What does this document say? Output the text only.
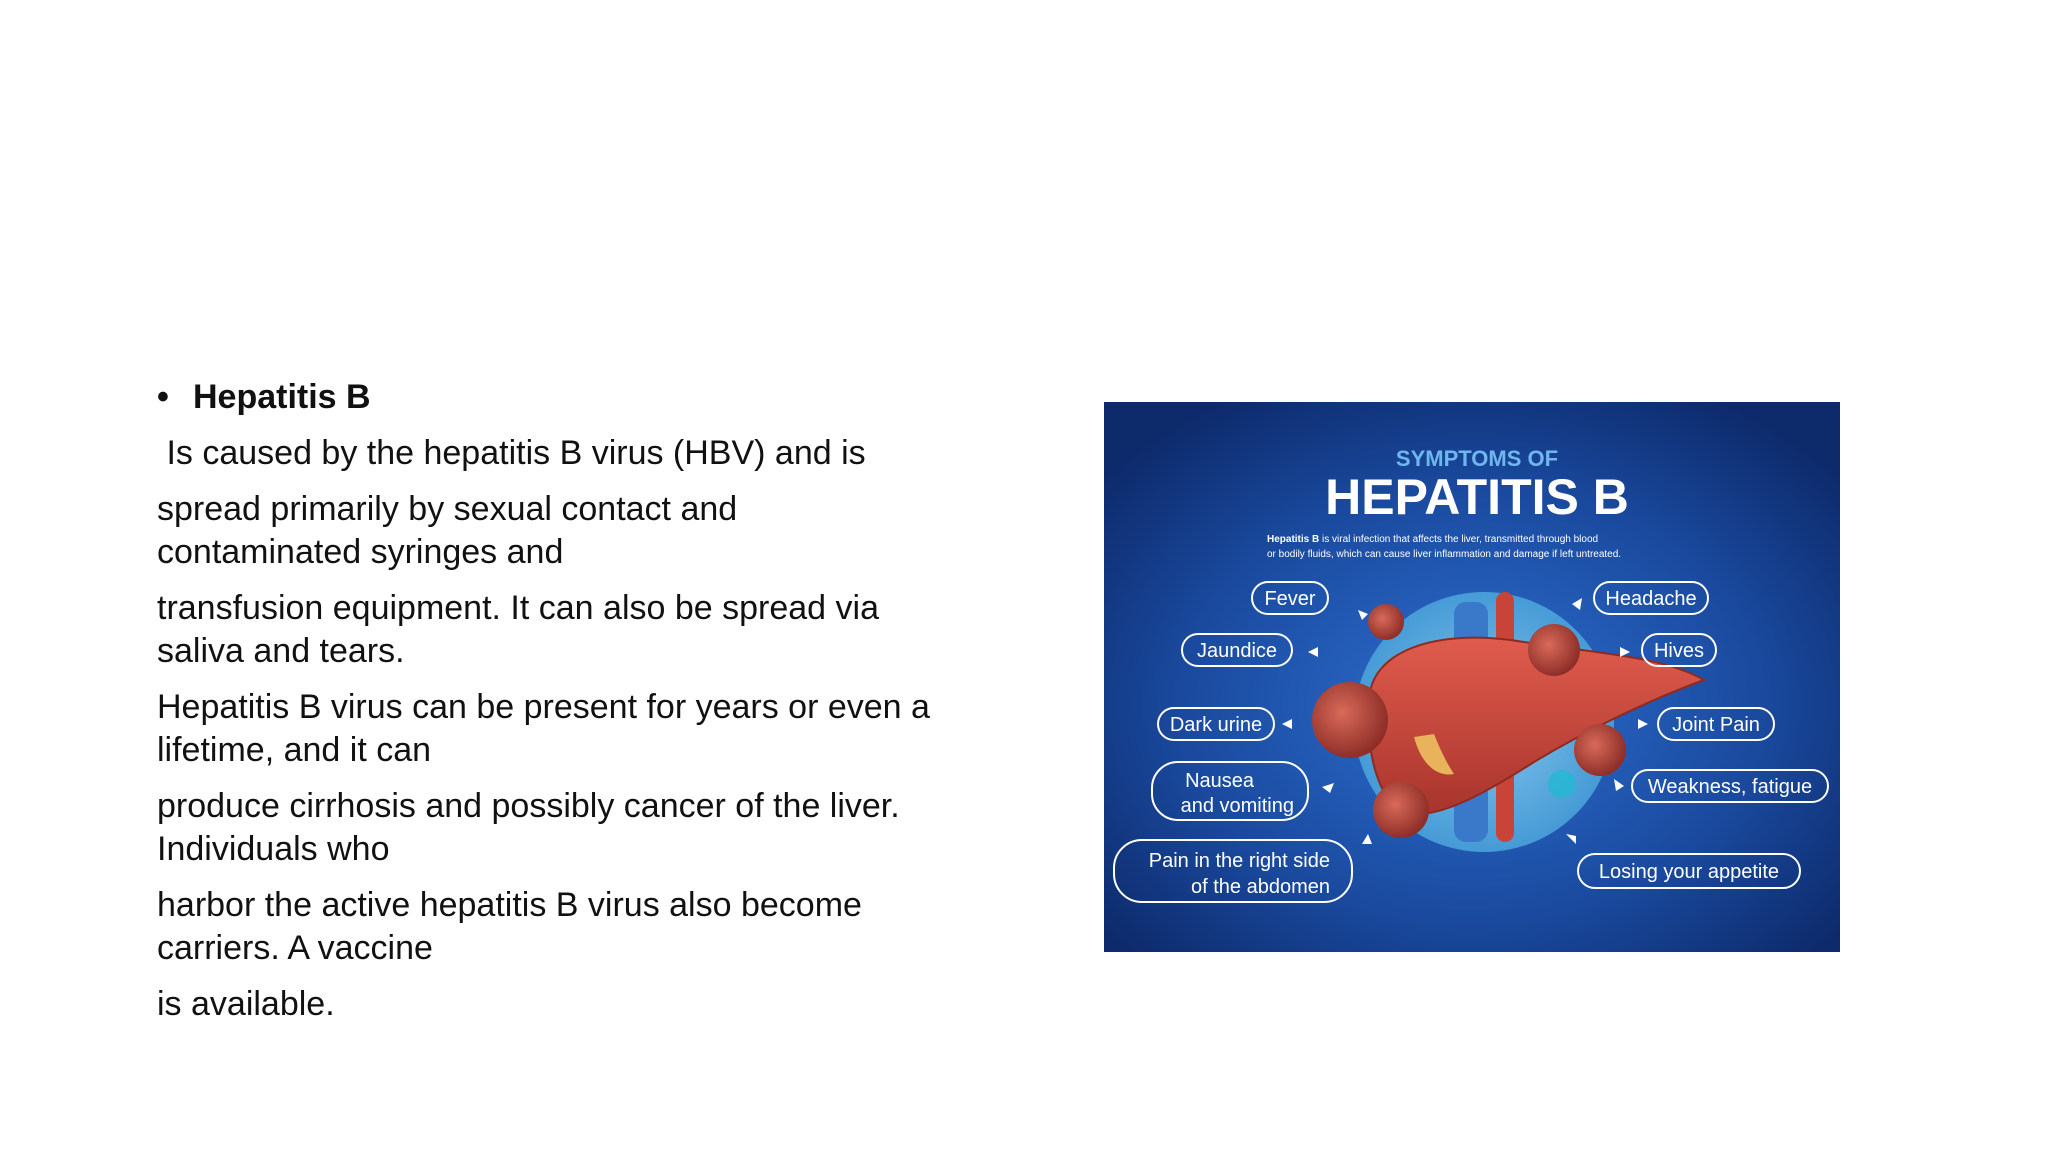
• Hepatitis B

Is caused by the hepatitis B virus (HBV) and is

spread primarily by sexual contact and contaminated syringes and

transfusion equipment. It can also be spread via saliva and tears.

Hepatitis B virus can be present for years or even a lifetime, and it can

produce cirrhosis and possibly cancer of the liver. Individuals who

harbor the active hepatitis B virus also become carriers. A vaccine

is available.

SYMPTOMS OF
HEPATITIS B
Hepatitis B is viral infection that affects the liver, transmitted through blood
or bodily fluids, which can cause liver inflammation and damage if left untreated.
Fever
Jaundice
Dark urine
Nausea
and vomiting
Pain in the right side
of the abdomen
Headache
Hives
Joint Pain
Weakness, fatigue
Losing your appetite
